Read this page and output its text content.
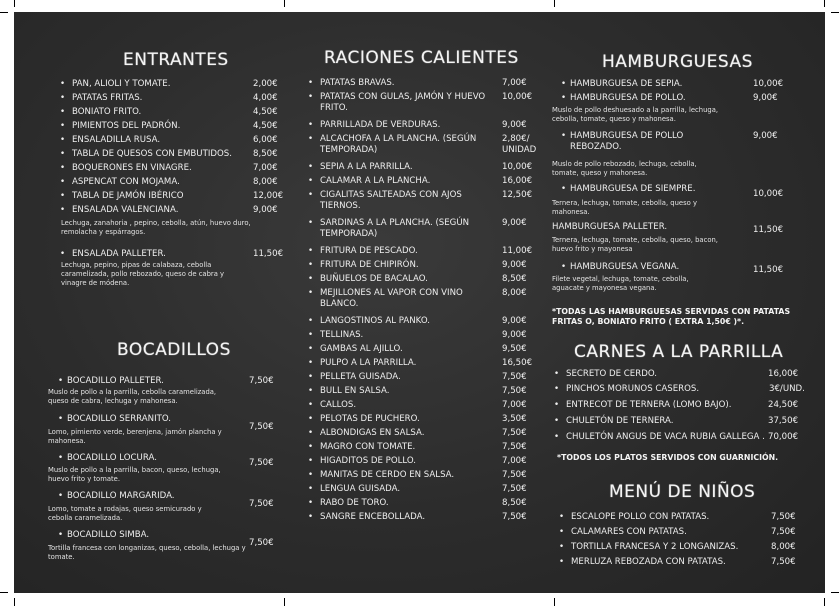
ENTRANTES
• PAN, ALIOLI Y TOMATE.	2,00€
• PATATAS FRITAS.	4,00€
• BONIATO FRITO.	4,50€
• PIMIENTOS DEL PADRÓN.	4,50€
• ENSALADILLA RUSA.	6,00€
• TABLA DE QUESOS CON EMBUTIDOS. 8,50€
• BOQUERONES EN VINAGRE.	7,00€
• ASPENCAT CON MOJAMA.	8,00€
• TABLA DE JAMÓN IBÉRICO	12,00€
• ENSALADA VALENCIANA.	9,00€
Lechuga, zanahoria , pepino, cebolla, atún, huevo duro, remolacha y espárragos.
• ENSALADA PALLETER.	11,50€
Lechuga, pepino, pipas de calabaza, cebolla caramelizada, pollo rebozado, queso de cabra y vinagre de módena.
BOCADILLOS
• BOCADILLO PALLETER.	7,50€
Muslo de pollo a la parrilla, cebolla caramelizada, queso de cabra, lechuga y mahonesa.
• BOCADILLO SERRANITO.
7,50€
Lomo, pimiento verde, berenjena, jamón plancha y mahonesa.
• BOCADILLO LOCURA.	7,50€
Muslo de pollo a la parrilla, bacon, queso, lechuga, huevo frito y tomate.
• BOCADILLO MARGARIDA.
7,50€
Lomo, tomate a rodajas, queso semicurado y cebolla caramelizada.
• BOCADILLO SIMBA.
7,50€
Tortilla francesa con longanizas, queso, cebolla, lechuga y tomate.
RACIONES CALIENTES
• PATATAS BRAVAS.	7,00€
• PATATAS CON GULAS, JAMÓN Y HUEVO FRITO.
10,00€
• PARRILLADA DE VERDURAS.	9,00€
• ALCACHOFA A LA PLANCHA. (SEGÚN TEMPORADA)
2,80€/ UNIDAD
• SEPIA A LA PARRILLA.	10,00€
• CALAMAR A LA PLANCHA.	16,00€
• CIGALITAS SALTEADAS CON AJOS TIERNOS.
12,50€
• SARDINAS A LA PLANCHA. (SEGÚN TEMPORADA)
9,00€
• FRITURA DE PESCADO.	11,00€
• FRITURA DE CHIPIRÓN.	9,00€
• BUÑUELOS DE BACALAO.	8,50€
• MEJILLONES AL VAPOR CON VINO BLANCO.
8,00€
• LANGOSTINOS AL PANKO.	9,00€
• TELLINAS.	9,00€
• GAMBAS AL AJILLO.	9,50€
• PULPO A LA PARRILLA.	16,50€
• PELLETA GUISADA.	7,50€
• BULL EN SALSA.	7,50€
• CALLOS.	7,00€
• PELOTAS DE PUCHERO.	3,50€
• ALBONDIGAS EN SALSA.	7,50€
• MAGRO CON TOMATE.	7,50€
• HIGADITOS DE POLLO.	7,00€
• MANITAS DE CERDO EN SALSA.	7,50€
• LENGUA GUISADA.	7,50€
• RABO DE TORO.	8,50€
• SANGRE ENCEBOLLADA.	7,50€
HAMBURGUESAS
• HAMBURGUESA DE SEPIA.	10,00€
• HAMBURGUESA DE POLLO.	9,00€
Muslo de pollo deshuesado a la parrilla, lechuga, cebolla, tomate, queso y mahonesa.
• HAMBURGUESA DE POLLO REBOZADO.
9,00€
Muslo de pollo rebozado, lechuga, cebolla, tomate, queso y mahonesa.
• HAMBURGUESA DE SIEMPRE.	10,00€
Ternera, lechuga, tomate, cebolla, queso y mahonesa.
HAMBURGUESA PALLETER.	11,50€
Ternera, lechuga, tomate, cebolla, queso, bacon, huevo frito y mayonesa
• HAMBURGUESA VEGANA.	11,50€
Filete vegetal, lechuga, tomate, cebolla, aguacate y mayonesa vegana.
*TODAS LAS HAMBURGUESAS SERVIDAS CON PATATAS FRITAS O, BONIATO FRITO ( EXTRA 1,50€ )*.
CARNES A LA PARRILLA
• SECRETO DE CERDO.	16,00€
• PINCHOS MORUNOS CASEROS.	3€/UND.
• ENTRECOT DE TERNERA (LOMO BAJO).	24,50€
• CHULETÓN DE TERNERA.	37,50€
• CHULETÓN ANGUS DE VACA RUBIA GALLEGA . 70,00€
*TODOS LOS PLATOS SERVIDOS CON GUARNICIÓN.
MENÚ DE NIÑOS
• ESCALOPE POLLO CON PATATAS.	7,50€
• CALAMARES CON PATATAS.	7,50€
• TORTILLA FRANCESA Y 2 LONGANIZAS.	8,00€
• MERLUZA REBOZADA CON PATATAS.	7,50€
